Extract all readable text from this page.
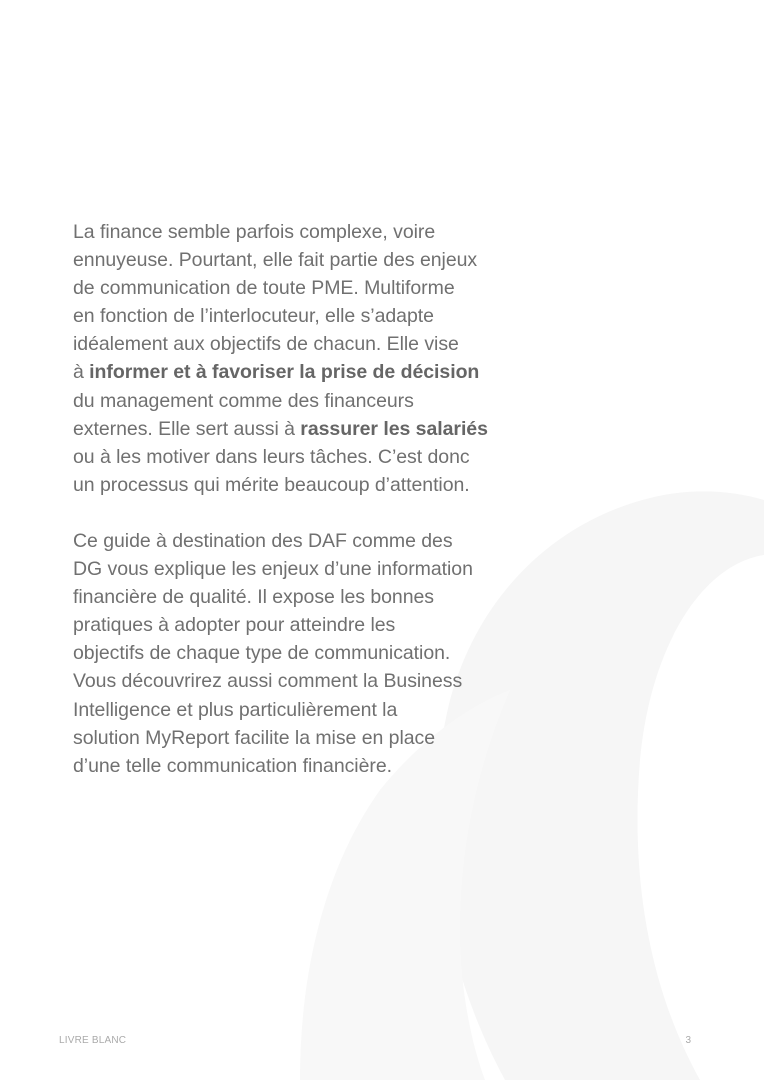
La finance semble parfois complexe, voire
ennuyeuse. Pourtant, elle fait partie des enjeux
de communication de toute PME. Multiforme
en fonction de l’interlocuteur, elle s’adapte
idéalement aux objectifs de chacun. Elle vise
à informer et à favoriser la prise de décision
du management comme des financeurs
externes. Elle sert aussi à rassurer les salariés
ou à les motiver dans leurs tâches. C’est donc
un processus qui mérite beaucoup d’attention.

Ce guide à destination des DAF comme des
DG vous explique les enjeux d’une information
financière de qualité. Il expose les bonnes
pratiques à adopter pour atteindre les
objectifs de chaque type de communication.
Vous découvrirez aussi comment la Business
Intelligence et plus particulièrement la
solution MyReport facilite la mise en place
d’une telle communication financière.

LIVRE BLANC	3
